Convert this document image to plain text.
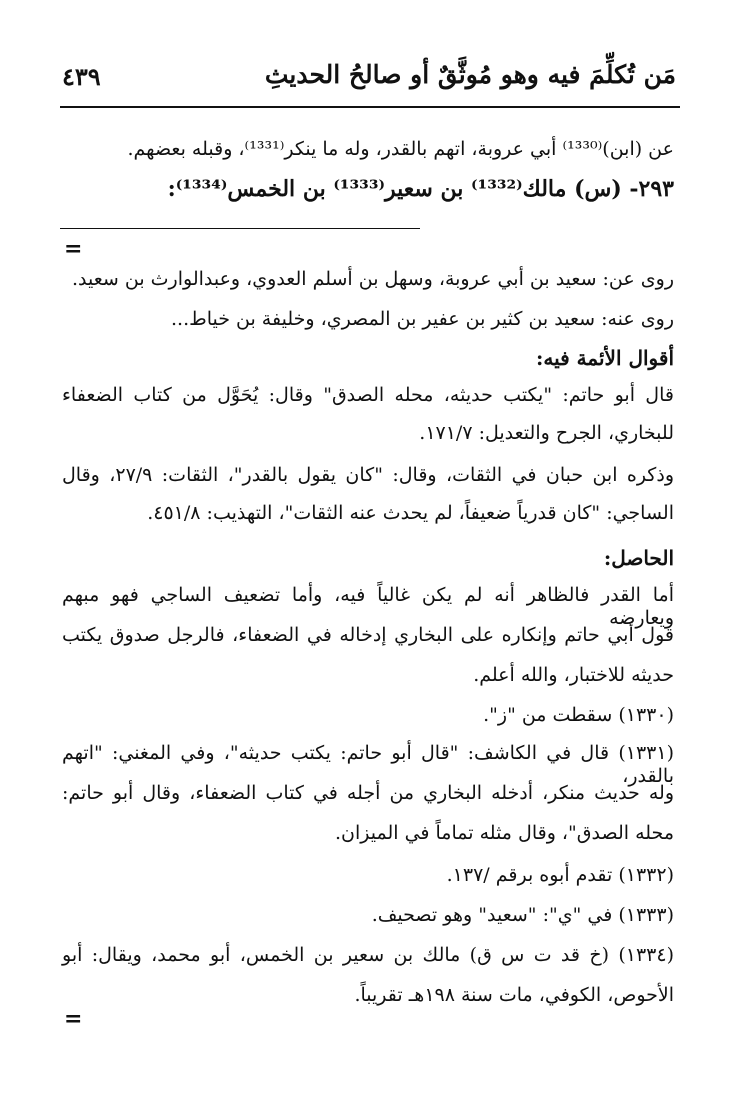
مَن تُكلِّمَ فيه وهو مُوثَّقٌ أو صالحُ الحديثِ
٤٣٩
عن (ابن)⁽¹³³⁰⁾ أبي عروبة، اتهم بالقدر، وله ما ينكر⁽¹³³¹⁾، وقبله بعضهم.
٢٩٣- (س) مالك⁽¹³³²⁾ بن سعير⁽¹³³³⁾ بن الخمس⁽¹³³⁴⁾:
=
روى عن: سعيد بن أبي عروبة، وسهل بن أسلم العدوي، وعبدالوارث بن سعيد.
روى عنه: سعيد بن كثير بن عفير بن المصري، وخليفة بن خياط...
أقوال الأئمة فيه:
قال أبو حاتم: "يكتب حديثه، محله الصدق" وقال: يُحَوَّل من كتاب الضعفاء
للبخاري، الجرح والتعديل: ١٧١/٧.
وذكره ابن حبان في الثقات، وقال: "كان يقول بالقدر"، الثقات: ٢٧/٩، وقال
الساجي: "كان قدرياً ضعيفاً، لم يحدث عنه الثقات"، التهذيب: ٤٥١/٨.
الحاصل:
أما القدر فالظاهر أنه لم يكن غالياً فيه، وأما تضعيف الساجي فهو مبهم ويعارضه
قول أبي حاتم وإنكاره على البخاري إدخاله في الضعفاء، فالرجل صدوق يكتب
حديثه للاختبار، والله أعلم.
(١٣٣٠) سقطت من "ز".
(١٣٣١) قال في الكاشف: "قال أبو حاتم: يكتب حديثه"، وفي المغني: "اتهم بالقدر،
وله حديث منكر، أدخله البخاري من أجله في كتاب الضعفاء، وقال أبو حاتم:
محله الصدق"، وقال مثله تماماً في الميزان.
(١٣٣٢) تقدم أبوه برقم /١٣٧.
(١٣٣٣) في "ي": "سعيد" وهو تصحيف.
(١٣٣٤) (خ قد ت س ق) مالك بن سعير بن الخمس، أبو محمد، ويقال: أبو
الأحوص، الكوفي، مات سنة ١٩٨هـ تقريباً.
=
